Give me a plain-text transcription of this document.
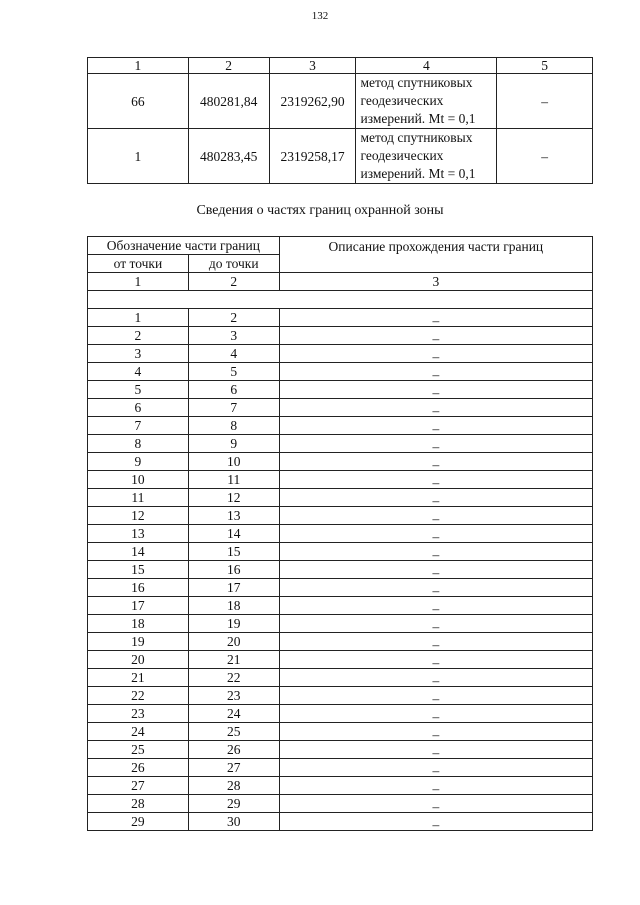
132
1	2	3	4	5
66	480281,84	2319262,90	метод спутниковых
геодезических
измерений. Mt = 0,1	–
1	480283,45	2319258,17	метод спутниковых
геодезических
измерений. Mt = 0,1	–
Сведения о частях границ охранной зоны
Обозначение части границ		Описание прохождения части границ
от точки	до точки	
1	2	3

1	2	–
2	3	–
3	4	–
4	5	–
5	6	–
6	7	–
7	8	–
8	9	–
9	10	–
10	11	–
11	12	–
12	13	–
13	14	–
14	15	–
15	16	–
16	17	–
17	18	–
18	19	–
19	20	–
20	21	–
21	22	–
22	23	–
23	24	–
24	25	–
25	26	–
26	27	–
27	28	–
28	29	–
29	30	–
